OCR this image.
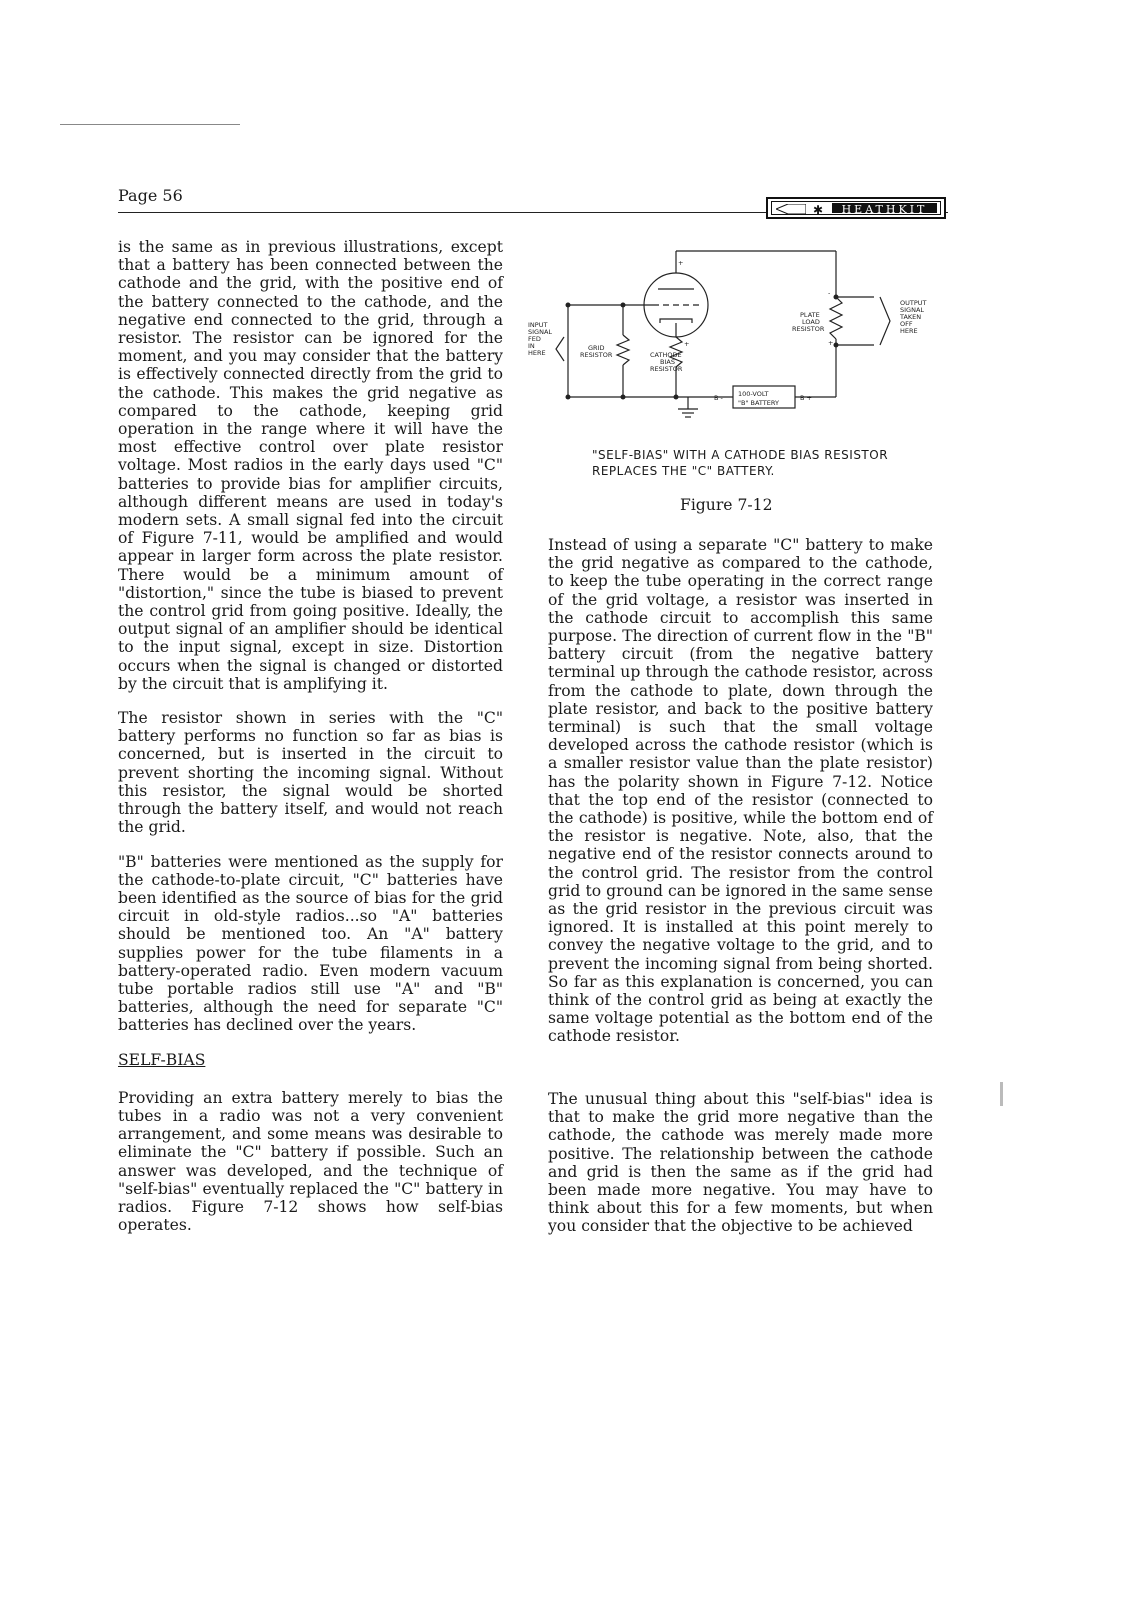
Page 56
✱	HEATHKIT

is the same as in previous illustrations, except that a battery has been connected between the cathode and the grid, with the positive end of the battery connected to the cathode, and the negative end connected to the grid, through a resistor. The resistor can be ignored for the moment, and you may consider that the battery is effectively connected directly from the grid to the cathode. This makes the grid negative as compared to the cathode, keeping grid operation in the range where it will have the most effective control over plate resistor voltage. Most radios in the early days used "C" batteries to provide bias for amplifier circuits, although different means are used in today's modern sets. A small signal fed into the circuit of Figure 7-11, would be amplified and would appear in larger form across the plate resistor. There would be a minimum amount of "distortion," since the tube is biased to prevent the control grid from going positive. Ideally, the output signal of an amplifier should be identical to the input signal, except in size. Distortion occurs when the signal is changed or distorted by the circuit that is amplifying it.

The resistor shown in series with the "C" battery performs no function so far as bias is concerned, but is inserted in the circuit to prevent shorting the incoming signal. Without this resistor, the signal would be shorted through the battery itself, and would not reach the grid.

"B" batteries were mentioned as the supply for the cathode-to-plate circuit, "C" batteries have been identified as the source of bias for the grid circuit in old-style radios...so "A" batteries should be mentioned too. An "A" battery supplies power for the tube filaments in a battery-operated radio. Even modern vacuum tube portable radios still use "A" and "B" batteries, although the need for separate "C" batteries has declined over the years.

SELF-BIAS

Providing an extra battery merely to bias the tubes in a radio was not a very convenient arrangement, and some means was desirable to eliminate the "C" battery if possible. Such an answer was developed, and the technique of "self-bias" eventually replaced the "C" battery in radios. Figure 7-12 shows how self-bias operates.

+
-
+
+
INPUT
SIGNAL
FED
IN
HERE
GRID
RESISTOR	CATHODE
BIAS
RESISTOR
PLATE
LOAD
RESISTOR
OUTPUT
SIGNAL
TAKEN
OFF
HERE
B -	B +
100-VOLT
"B" BATTERY
"SELF-BIAS" WITH A CATHODE BIAS RESISTOR REPLACES THE "C" BATTERY.
Figure 7-12

Instead of using a separate "C" battery to make the grid negative as compared to the cathode, to keep the tube operating in the correct range of the grid voltage, a resistor was inserted in the cathode circuit to accomplish this same purpose. The direction of current flow in the "B" battery circuit (from the negative battery terminal up through the cathode resistor, across from the cathode to plate, down through the plate resistor, and back to the positive battery terminal) is such that the small voltage developed across the cathode resistor (which is a smaller resistor value than the plate resistor) has the polarity shown in Figure 7-12. Notice that the top end of the resistor (connected to the cathode) is positive, while the bottom end of the resistor is negative. Note, also, that the negative end of the resistor connects around to the control grid. The resistor from the control grid to ground can be ignored in the same sense as the grid resistor in the previous circuit was ignored. It is installed at this point merely to convey the negative voltage to the grid, and to prevent the incoming signal from being shorted. So far as this explanation is concerned, you can think of the control grid as being at exactly the same voltage potential as the bottom end of the cathode resistor.

The unusual thing about this "self-bias" idea is that to make the grid more negative than the cathode, the cathode was merely made more positive. The relationship between the cathode and grid is then the same as if the grid had been made more negative. You may have to think about this for a few moments, but when you consider that the objective to be achieved
